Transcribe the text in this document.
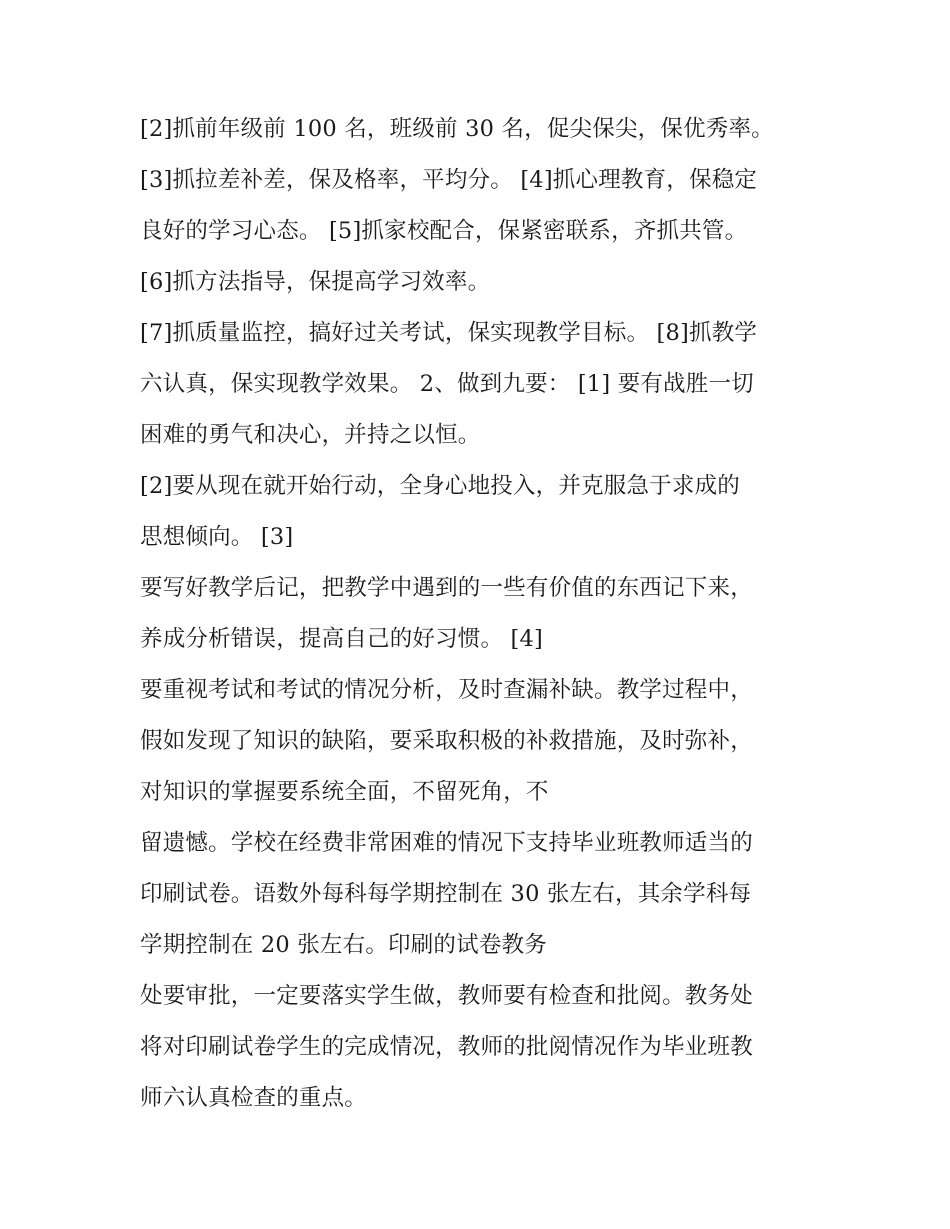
[2]抓前年级前 100 名，班级前 30 名，促尖保尖，保优秀率。
[3]抓拉差补差，保及格率，平均分。 [4]抓心理教育，保稳定
良好的学习心态。 [5]抓家校配合，保紧密联系，齐抓共管。
[6]抓方法指导，保提高学习效率。
[7]抓质量监控，搞好过关考试，保实现教学目标。 [8]抓教学
六认真，保实现教学效果。 2、做到九要： [1] 要有战胜一切
困难的勇气和决心，并持之以恒。
[2]要从现在就开始行动，全身心地投入，并克服急于求成的
思想倾向。 [3]
要写好教学后记，把教学中遇到的一些有价值的东西记下来，
养成分析错误，提高自己的好习惯。 [4]
要重视考试和考试的情况分析，及时查漏补缺。教学过程中，
假如发现了知识的缺陷，要采取积极的补救措施，及时弥补，
对知识的掌握要系统全面，不留死角，不
留遗憾。学校在经费非常困难的情况下支持毕业班教师适当的
印刷试卷。语数外每科每学期控制在 30 张左右，其余学科每
学期控制在 20 张左右。印刷的试卷教务
处要审批，一定要落实学生做，教师要有检查和批阅。教务处
将对印刷试卷学生的完成情况，教师的批阅情况作为毕业班教
师六认真检查的重点。
